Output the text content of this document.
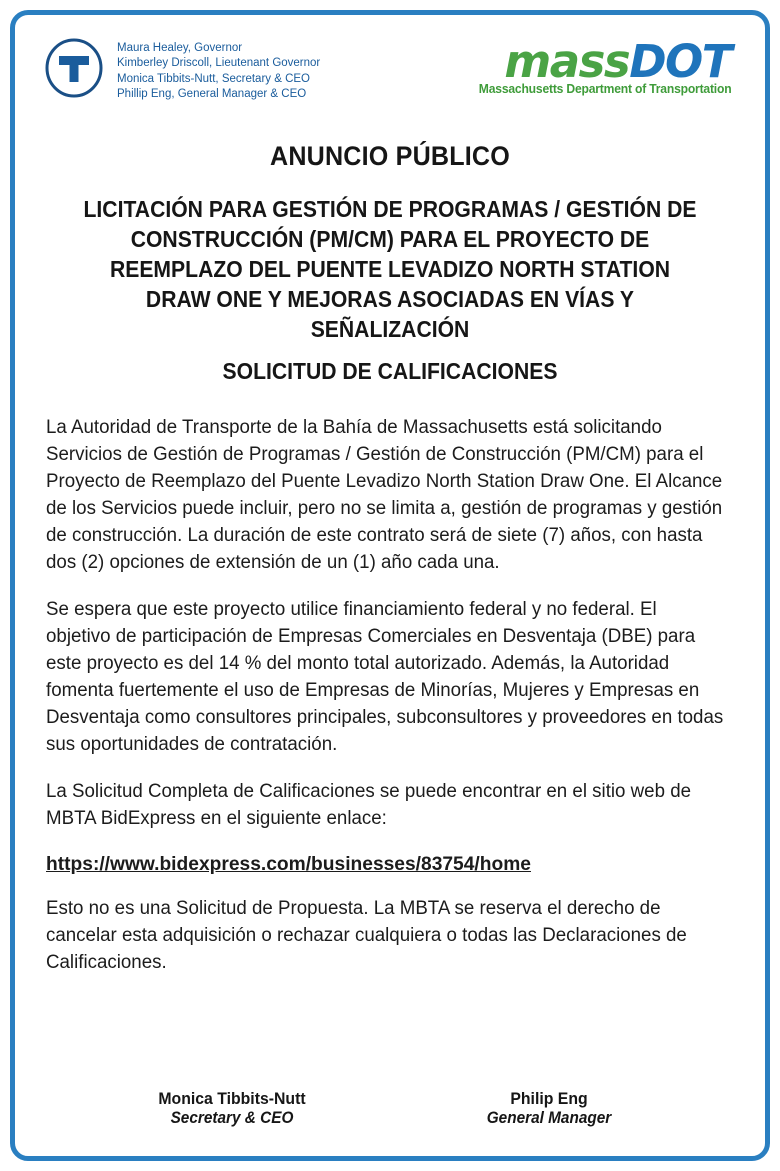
Maura Healey, Governor
Kimberley Driscoll, Lieutenant Governor
Monica Tibbits-Nutt, Secretary & CEO
Phillip Eng, General Manager & CEO
massDOT
Massachusetts Department of Transportation
ANUNCIO PÚBLICO
LICITACIÓN PARA GESTIÓN DE PROGRAMAS / GESTIÓN DE CONSTRUCCIÓN (PM/CM) PARA EL PROYECTO DE REEMPLAZO DEL PUENTE LEVADIZO NORTH STATION DRAW ONE Y MEJORAS ASOCIADAS EN VÍAS Y SEÑALIZACIÓN
SOLICITUD DE CALIFICACIONES

La Autoridad de Transporte de la Bahía de Massachusetts está solicitando Servicios de Gestión de Programas / Gestión de Construcción (PM/CM) para el Proyecto de Reemplazo del Puente Levadizo North Station Draw One. El Alcance de los Servicios puede incluir, pero no se limita a, gestión de programas y gestión de construcción. La duración de este contrato será de siete (7) años, con hasta dos (2) opciones de extensión de un (1) año cada una.

Se espera que este proyecto utilice financiamiento federal y no federal. El objetivo de participación de Empresas Comerciales en Desventaja (DBE) para este proyecto es del 14 % del monto total autorizado. Además, la Autoridad fomenta fuertemente el uso de Empresas de Minorías, Mujeres y Empresas en Desventaja como consultores principales, subconsultores y proveedores en todas sus oportunidades de contratación.

La Solicitud Completa de Calificaciones se puede encontrar en el sitio web de MBTA BidExpress en el siguiente enlace:

https://www.bidexpress.com/businesses/83754/home

Esto no es una Solicitud de Propuesta. La MBTA se reserva el derecho de cancelar esta adquisición o rechazar cualquiera o todas las Declaraciones de Calificaciones.

Monica Tibbits-Nutt
Secretary & CEO
Philip Eng
General Manager
